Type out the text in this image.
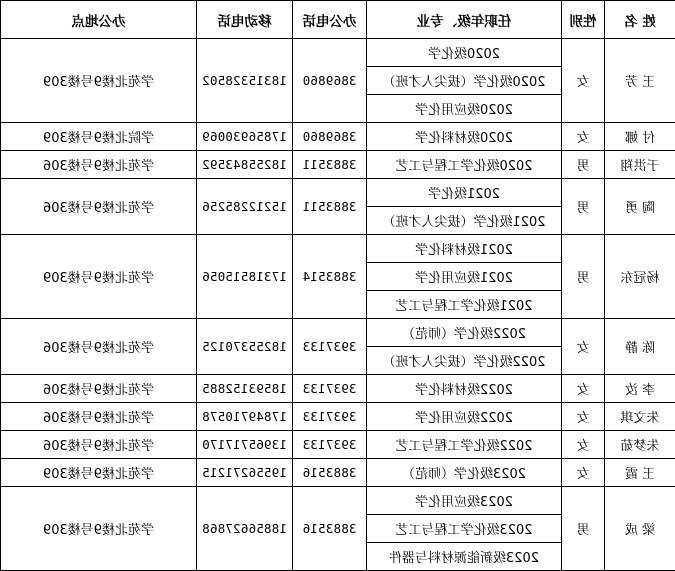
姓 名	性别	任职年级、专业	办公电话	移动电话	办公地点
王 芳	女	2020级化学	3869860	18315328502	学苑北楼9号楼309
		2020级化学（拔尖人才班）			
		2020级应用化学			
付 娜	女	2020级材料化学	3869860	17856930069	学院北楼9号楼309
于洪翔	男	2020级化学工程与工艺	3883511	18255843592	学苑北楼9号楼306
陶 勇	男	2021级化学	3883511	15212285256	学苑北楼9号楼306
		2021级化学（拔尖人才班）			
杨冠东	男	2021级材料化学	3883514	17318515056	学苑北楼9号楼309
		2021级应用化学			
		2021级化学工程与工艺			
陈 静	女	2022级化学（师范）	3937133	18255370125	学苑北楼9号楼306
		2022级化学（拔尖人才班）			
李 汝	女	2022级材料化学	3937133	18593152885	学苑北楼9号楼306
朱文琪	女	2022级应用化学	3937133	17849710578	学苑北楼9号楼306
朱梦茹	女	2022级化学工程与工艺	3937133	13965717170	学苑北楼9号楼306
王 霞	女	2023级化学（师范）	3883516	19556271215	学苑北楼9号楼309
梁 成	男	2023级应用化学	3883516	18856627868	学苑北楼9号楼309
		2023级化学工程与工艺			
		2023级新能源材料与器件			
